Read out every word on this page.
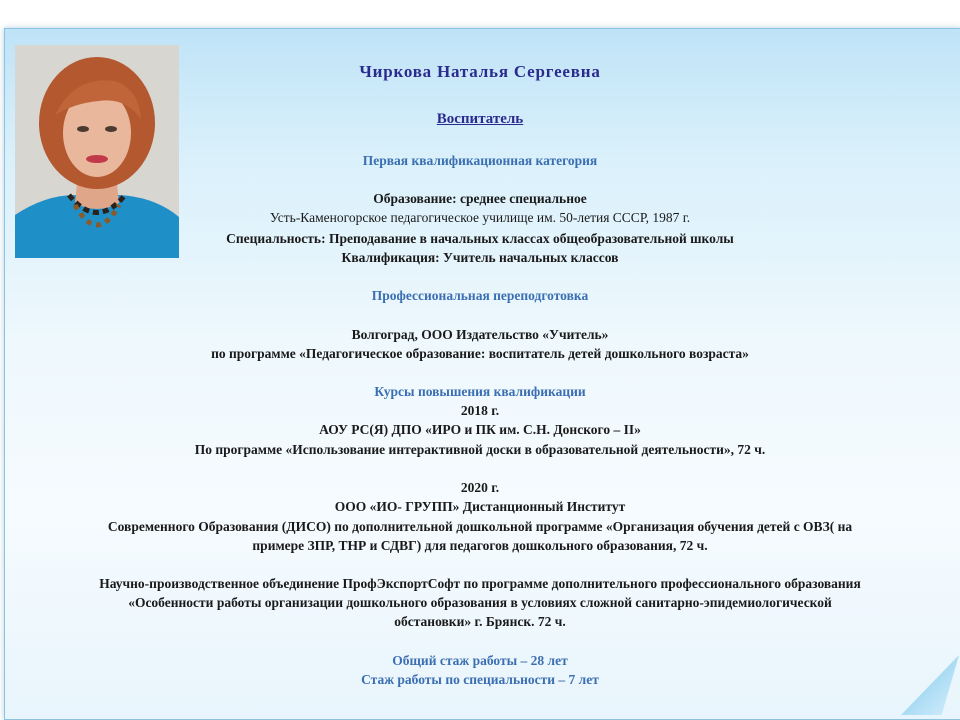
Чиркова Наталья Сергеевна
Воспитатель
Первая квалификационная категория
Образование: среднее специальное
Усть-Каменогорское педагогическое училище им. 50-летия СССР, 1987 г.
Специальность: Преподавание в начальных классах общеобразовательной школы
Квалификация: Учитель начальных классов
Профессиональная переподготовка
Волгоград, ООО Издательство «Учитель»
по программе «Педагогическое образование: воспитатель детей дошкольного возраста»
Курсы повышения квалификации
2018 г.
АОУ РС(Я) ДПО «ИРО и ПК им. С.Н. Донского – II»
По программе «Использование интерактивной доски в образовательной деятельности», 72 ч.
2020 г.
ООО «ИО- ГРУПП» Дистанционный Институт
Современного Образования (ДИСО) по дополнительной дошкольной программе «Организация обучения детей с ОВЗ( на
примере ЗПР, ТНР и СДВГ) для педагогов дошкольного образования, 72 ч.
Научно-производственное объединение ПрофЭкспортСофт по программе дополнительного профессионального образования
«Особенности работы организации дошкольного образования в условиях сложной санитарно-эпидемиологической
обстановки» г. Брянск. 72 ч.
Общий стаж работы – 28 лет
Стаж работы по специальности – 7 лет
